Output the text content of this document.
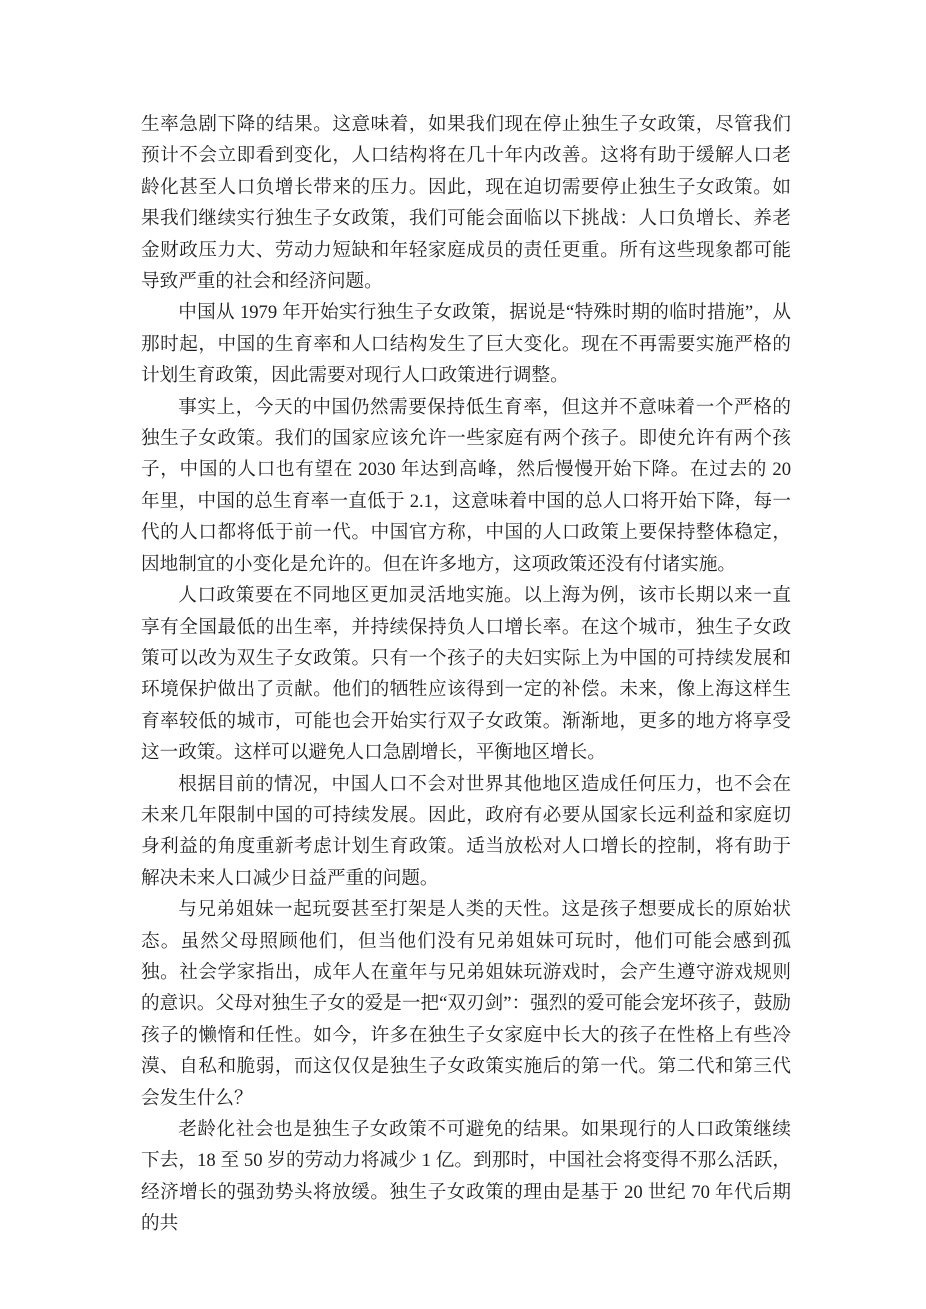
生率急剧下降的结果。这意味着，如果我们现在停止独生子女政策，尽管我们预计不会立即看到变化，人口结构将在几十年内改善。这将有助于缓解人口老龄化甚至人口负增长带来的压力。因此，现在迫切需要停止独生子女政策。如果我们继续实行独生子女政策，我们可能会面临以下挑战：人口负增长、养老金财政压力大、劳动力短缺和年轻家庭成员的责任更重。所有这些现象都可能导致严重的社会和经济问题。

中国从 1979 年开始实行独生子女政策，据说是“特殊时期的临时措施”，从那时起，中国的生育率和人口结构发生了巨大变化。现在不再需要实施严格的计划生育政策，因此需要对现行人口政策进行调整。

事实上，今天的中国仍然需要保持低生育率，但这并不意味着一个严格的独生子女政策。我们的国家应该允许一些家庭有两个孩子。即使允许有两个孩子，中国的人口也有望在 2030 年达到高峰，然后慢慢开始下降。在过去的 20 年里，中国的总生育率一直低于 2.1，这意味着中国的总人口将开始下降，每一代的人口都将低于前一代。中国官方称，中国的人口政策上要保持整体稳定，因地制宜的小变化是允许的。但在许多地方，这项政策还没有付诸实施。

人口政策要在不同地区更加灵活地实施。以上海为例，该市长期以来一直享有全国最低的出生率，并持续保持负人口增长率。在这个城市，独生子女政策可以改为双生子女政策。只有一个孩子的夫妇实际上为中国的可持续发展和环境保护做出了贡献。他们的牺牲应该得到一定的补偿。未来，像上海这样生育率较低的城市，可能也会开始实行双子女政策。渐渐地，更多的地方将享受这一政策。这样可以避免人口急剧增长，平衡地区增长。

根据目前的情况，中国人口不会对世界其他地区造成任何压力，也不会在未来几年限制中国的可持续发展。因此，政府有必要从国家长远利益和家庭切身利益的角度重新考虑计划生育政策。适当放松对人口增长的控制，将有助于解决未来人口减少日益严重的问题。

与兄弟姐妹一起玩耍甚至打架是人类的天性。这是孩子想要成长的原始状态。虽然父母照顾他们，但当他们没有兄弟姐妹可玩时，他们可能会感到孤独。社会学家指出，成年人在童年与兄弟姐妹玩游戏时，会产生遵守游戏规则的意识。父母对独生子女的爱是一把“双刃剑”：强烈的爱可能会宠坏孩子，鼓励孩子的懒惰和任性。如今，许多在独生子女家庭中长大的孩子在性格上有些冷漠、自私和脆弱，而这仅仅是独生子女政策实施后的第一代。第二代和第三代会发生什么？

老龄化社会也是独生子女政策不可避免的结果。如果现行的人口政策继续下去，18 至 50 岁的劳动力将减少 1 亿。到那时，中国社会将变得不那么活跃，经济增长的强劲势头将放缓。独生子女政策的理由是基于 20 世纪 70 年代后期的共
